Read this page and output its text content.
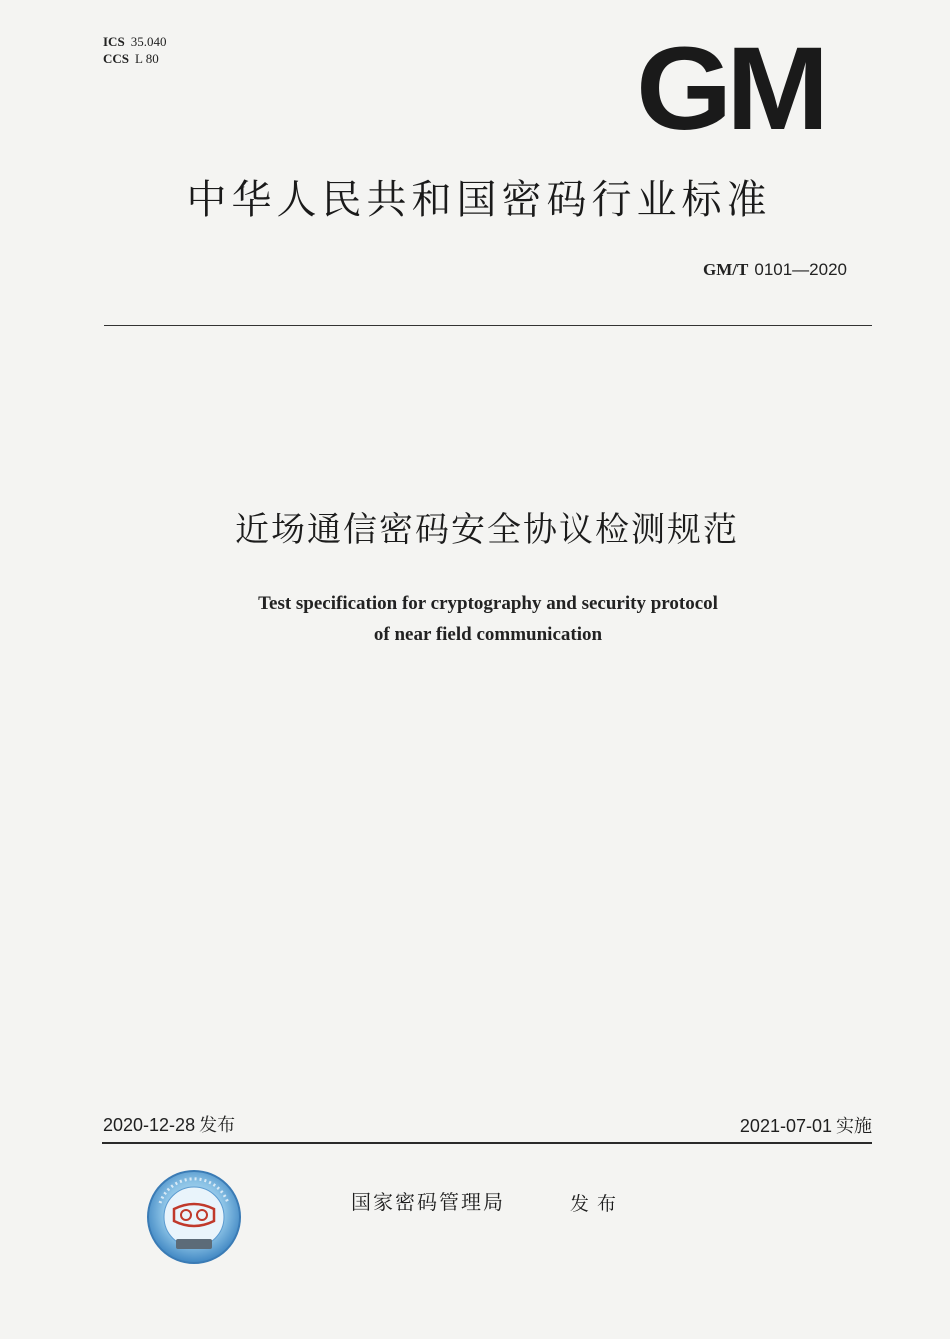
ICS 35.040
CCS L 80	GM
中华人民共和国密码行业标准
GM/T 0101—2020
近场通信密码安全协议检测规范
Test specification for cryptography and security protocol
of near field communication
2020-12-28 发布	2021-07-01 实施
国家密码管理局	发布
